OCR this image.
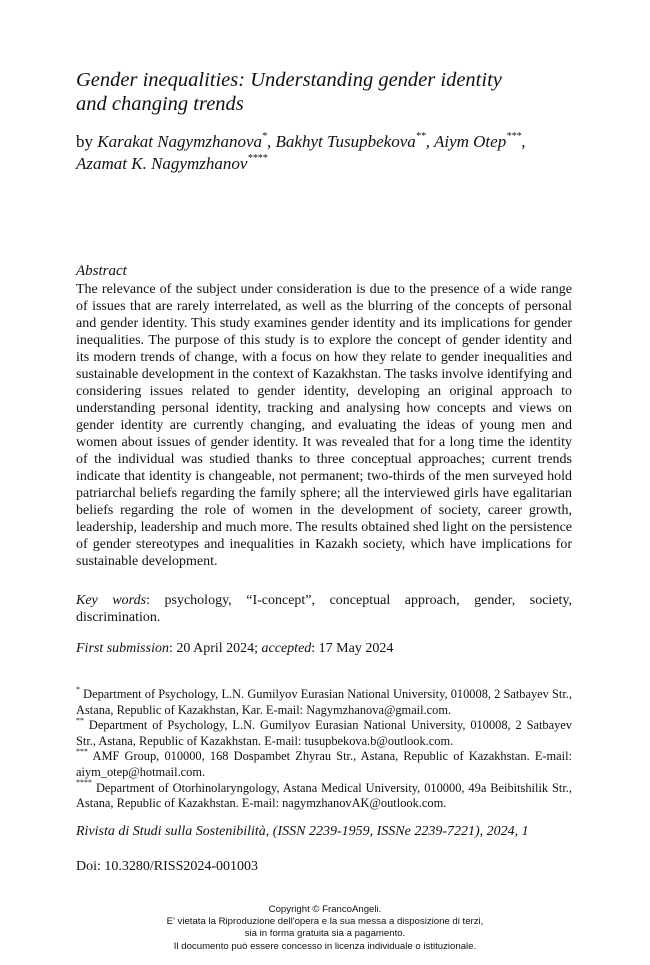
Gender inequalities: Understanding gender identity
and changing trends

by Karakat Nagymzhanova*, Bakhyt Tusupbekova**, Aiym Otep***,
Azamat K. Nagymzhanov****

Abstract

The relevance of the subject under consideration is due to the presence of a wide range of issues that are rarely interrelated, as well as the blurring of the concepts of personal and gender identity. This study examines gender identity and its implications for gender inequalities. The purpose of this study is to explore the concept of gender identity and its modern trends of change, with a focus on how they relate to gender inequalities and sustainable development in the context of Kazakhstan. The tasks involve identifying and considering issues related to gender identity, developing an original approach to understanding personal identity, tracking and analysing how concepts and views on gender identity are currently changing, and evaluating the ideas of young men and women about issues of gender identity. It was revealed that for a long time the identity of the individual was studied thanks to three conceptual approaches; current trends indicate that identity is changeable, not permanent; two-thirds of the men surveyed hold patriarchal beliefs regarding the family sphere; all the interviewed girls have egalitarian beliefs regarding the role of women in the development of society, career growth, leadership, leadership and much more. The results obtained shed light on the persistence of gender stereotypes and inequalities in Kazakh society, which have implications for sustainable development.

Key words: psychology, “I-concept”, conceptual approach, gender, society, discrimination.

First submission: 20 April 2024; accepted: 17 May 2024

* Department of Psychology, L.N. Gumilyov Eurasian National University, 010008, 2 Satbayev Str., Astana, Republic of Kazakhstan, Kar. E-mail: Nagymzhanova@gmail.com.

** Department of Psychology, L.N. Gumilyov Eurasian National University, 010008, 2 Satbayev Str., Astana, Republic of Kazakhstan. E-mail: tusupbekova.b@outlook.com.

*** AMF Group, 010000, 168 Dospambet Zhyrau Str., Astana, Republic of Kazakhstan. E-mail: aiym_otep@hotmail.com.

**** Department of Otorhinolaryngology, Astana Medical University, 010000, 49a Beibitshilik Str., Astana, Republic of Kazakhstan. E-mail: nagymzhanovAK@outlook.com.

Rivista di Studi sulla Sostenibilità, (ISSN 2239-1959, ISSNe 2239-7221), 2024, 1

Doi: 10.3280/RISS2024-001003

Copyright © FrancoAngeli.
E' vietata la Riproduzione dell'opera e la sua messa a disposizione di terzi,
sia in forma gratuita sia a pagamento.
Il documento può essere concesso in licenza individuale o istituzionale.
